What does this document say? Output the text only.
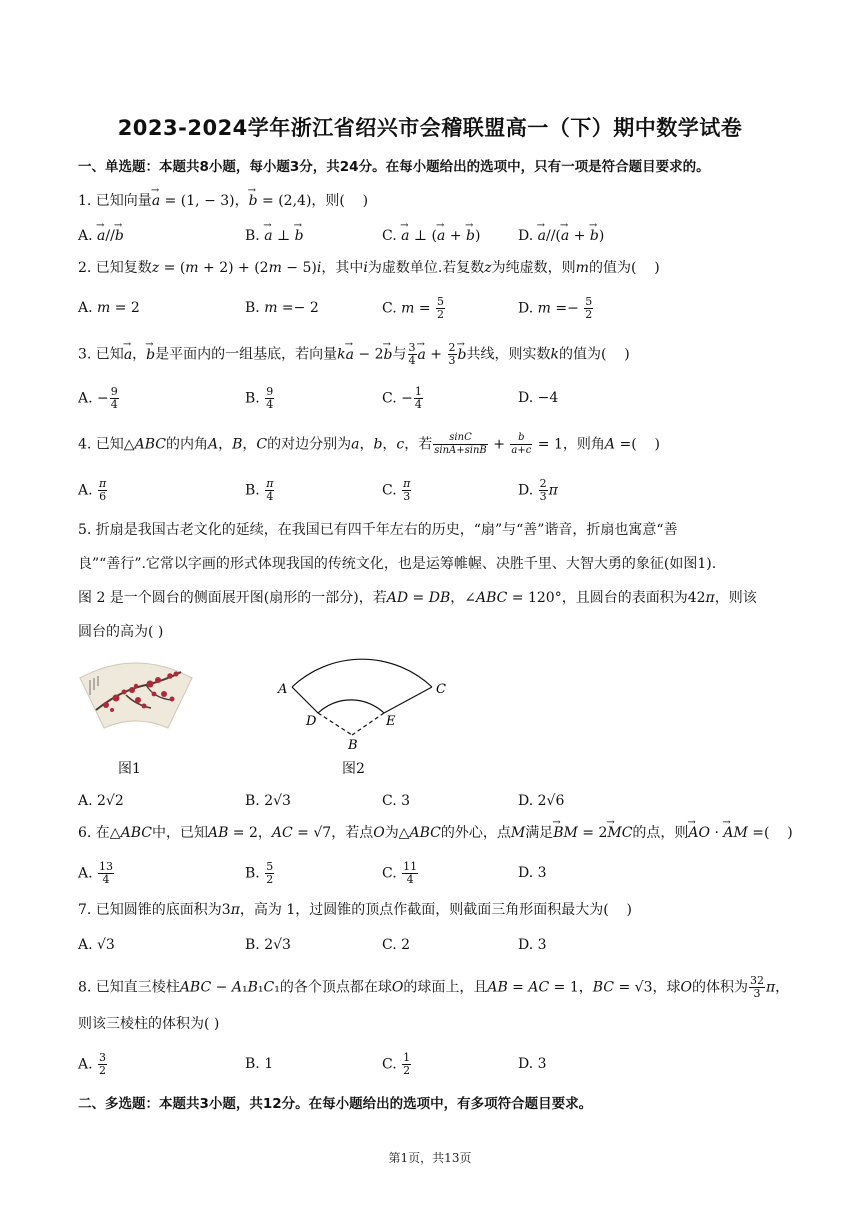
2023-2024学年浙江省绍兴市会稽联盟高一（下）期中数学试卷
一、单选题：本题共8小题，每小题3分，共24分。在每小题给出的选项中，只有一项是符合题目要求的。
1. 已知向量→ a = (1, − 3)，→ b = (2,4)，则(    )
A. → a//→ b	B. → a ⊥ → b	C. → a ⊥ (→ a + → b)	D. → a//(→ a + → b)
2. 已知复数z = (m + 2) + (2m − 5)i，其中i为虚数单位.若复数z为纯虚数，则m的值为(    )
A. m = 2	B. m =− 2	C. $m = \frac{5}{2}$	D. $m =- \frac{5}{2}$
3. 已知→ a，→ b是平面内的一组基底，若向量k→ a − 2→ b与 $\frac{3}{4}$
→ $a + \frac{2}{3}$
→ b共线，则实数k的值为(    )
A. − $\frac{9}{4}$	B. $\frac{9}{4}$	C. − $\frac{1}{4}$	D. −4
4. 已知△ABC的内角A，B，C的对边分别为a，b，c，若 $\frac{\sin C}{\sin A+\sin B} + \frac{b}{a+c} = 1$，则角A =(    )
A. $\frac{\pi}{6}$	B. $\frac{\pi}{4}$	C. $\frac{\pi}{3}$	D. $\frac{2}{3}$ π
5. 折扇是我国古老文化的延续，在我国已有四千年左右的历史，“扇”与“善”谐音，折扇也寓意“善
良”“善行”.它常以字画的形式体现我国的传统文化，也是运筹帷幄、决胜千里、大智大勇的象征(如图1).
图 2 是一个圆台的侧面展开图(扇形的一部分)，若AD = DB，∠ABC = 120°，且圆台的表面积为42π，则该
圆台的高为( )
图1
A	C
D	E
B
图2
A. 2√2	B. 2√3	C. 3	D. 2√6
6. 在△ABC中，已知AB = 2，AC = √7，若点O为△ABC的外心，点M满足→ BM = 2→ MC的点，则→ AO · → AM =(    )
A. $\frac{13}{4}$	B. $\frac{5}{2}$	C. $\frac{11}{4}$	D. 3
7. 已知圆锥的底面积为3π，高为 1，过圆锥的顶点作截面，则截面三角形面积最大为(    )
A. √3	B. 2√3	C. 2	D. 3
8. 已知直三棱柱ABC − A₁B₁C₁的各个顶点都在球O的球面上，且AB = AC = 1，BC = √3，球O的体积为 $\frac{32}{3}$ π，
则该三棱柱的体积为( )
A. $\frac{3}{2}$	B. 1	C. $\frac{1}{2}$	D. 3
二、多选题：本题共3小题，共12分。在每小题给出的选项中，有多项符合题目要求。
第1页，共13页
